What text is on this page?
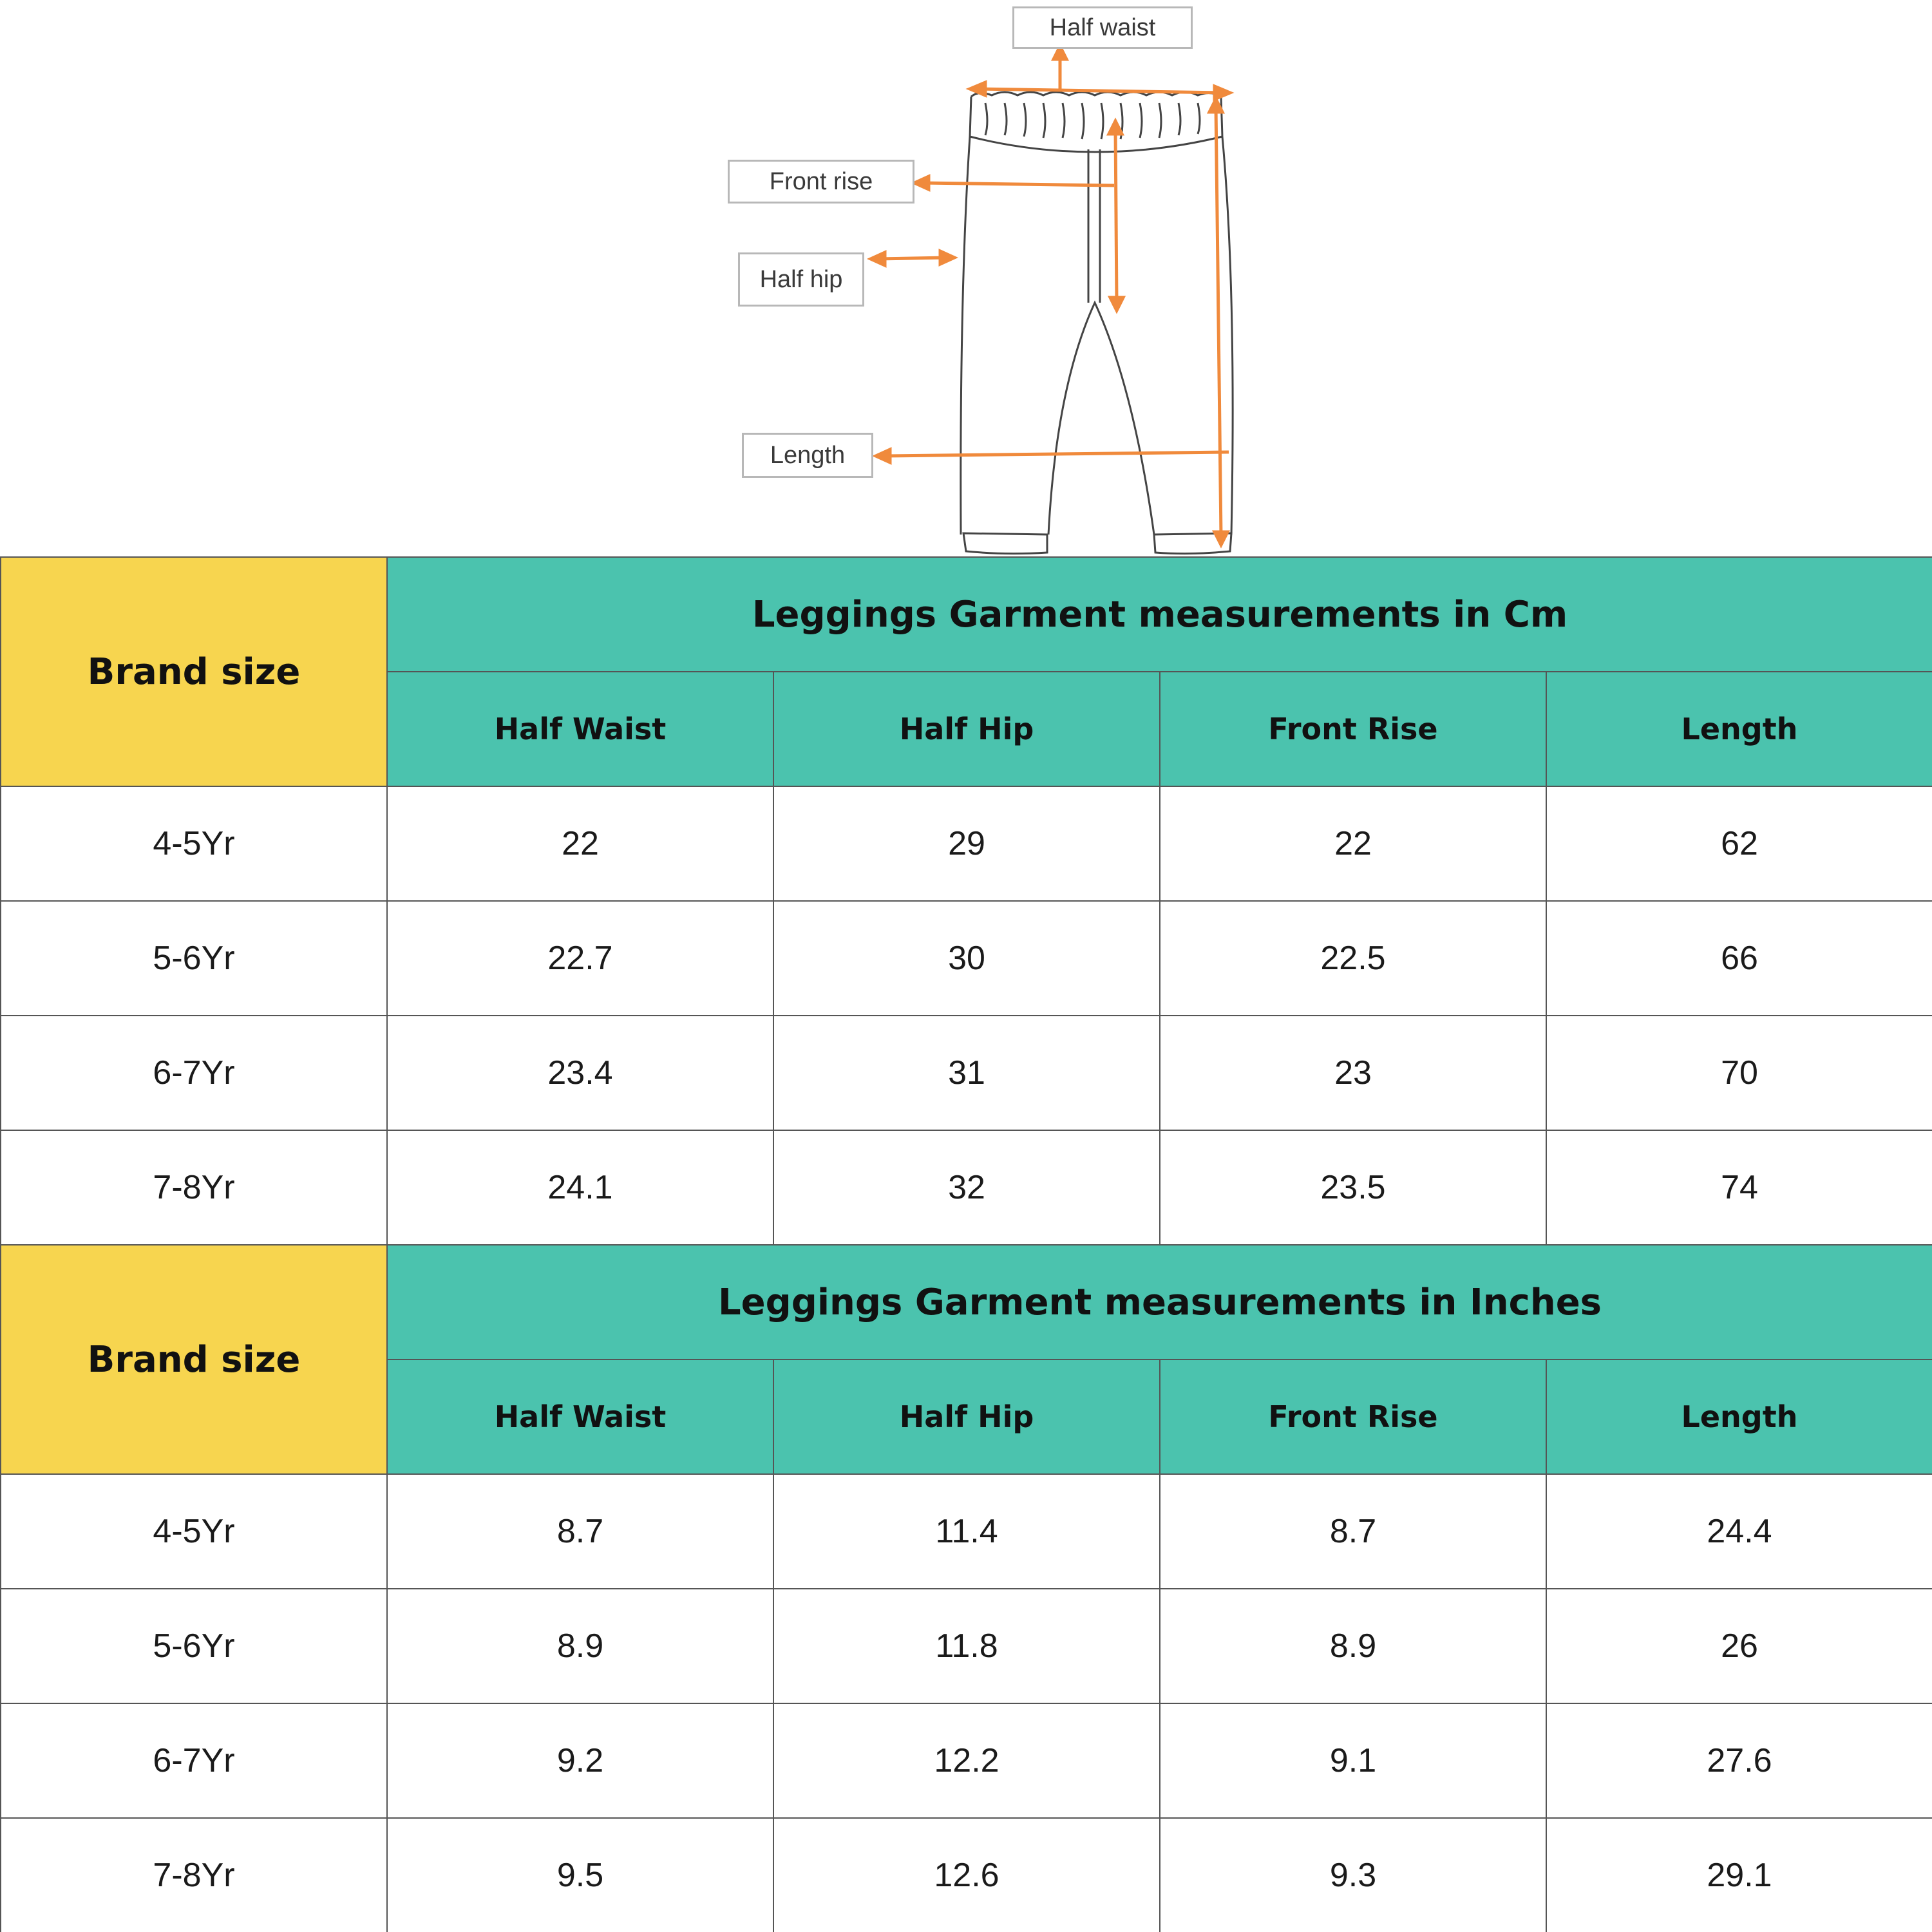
Half waist
Front rise
Half hip
Length
Brand size	Leggings Garment measurements in Cm			
	Half Waist	Half Hip	Front Rise	Length
4-5Yr	22	29	22	62
5-6Yr	22.7	30	22.5	66
6-7Yr	23.4	31	23	70
7-8Yr	24.1	32	23.5	74
Brand size	Leggings Garment measurements in Inches			
	Half Waist	Half Hip	Front Rise	Length
4-5Yr	8.7	11.4	8.7	24.4
5-6Yr	8.9	11.8	8.9	26
6-7Yr	9.2	12.2	9.1	27.6
7-8Yr	9.5	12.6	9.3	29.1
